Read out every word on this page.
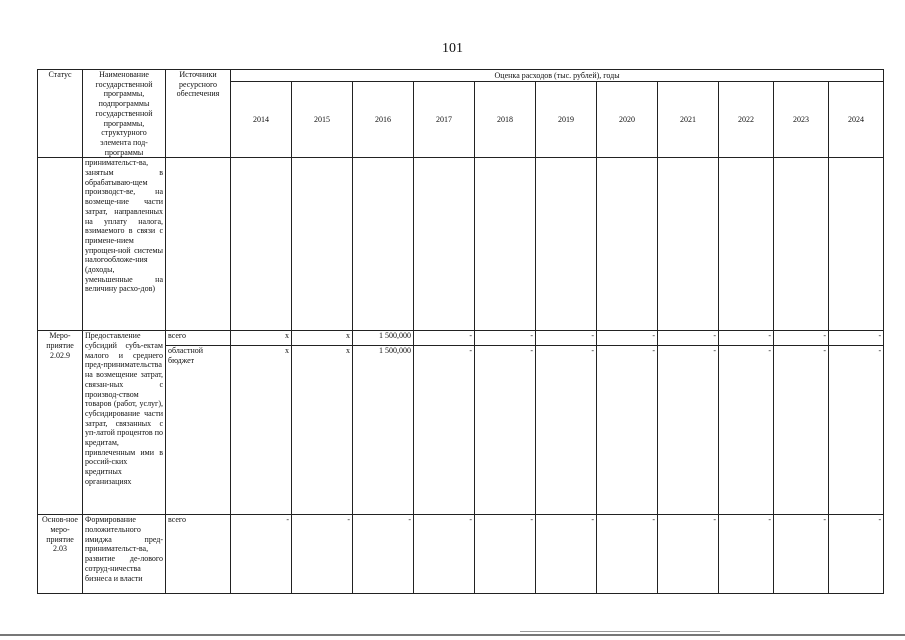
101
Статус	Наименование государственной программы, подпрограммы государственной программы, структурного элемента под-программы	Источники ресурсного обеспечения	Оценка расходов (тыс. рублей), годы										
			2014	2015	2016	2017	2018	2019	2020	2021	2022	2023	2024
	принимательст-ва, занятым в обрабатываю-щем производст-ве, на возмеще-ние части затрат, направленных на уплату налога, взимаемого в связи с примене-нием упрощен-ной системы налогообложе-ния (доходы, уменьшенные на величину расхо-дов)												
Меро-приятие 2.02.9	Предоставление субсидий субъ-ектам малого и среднего пред-принимательства на возмещение затрат, связан-ных с производ-ством товаров (работ, услуг), субсидирование части затрат, связанных с уп-латой процентов по кредитам, привлеченным ими в россий-ских кредитных организациях	всего	x	x	1 500,000	-	-	-	-	-	-	-	-
		областной бюджет	x	x	1 500,000	-	-	-	-	-	-	-	-
Основ-ное меро-приятие 2.03	Формирование положительного имиджа пред-принимательст-ва, развитие де-лового сотруд-ничества бизнеса и власти	всего	-	-	-	-	-	-	-	-	-	-	-
